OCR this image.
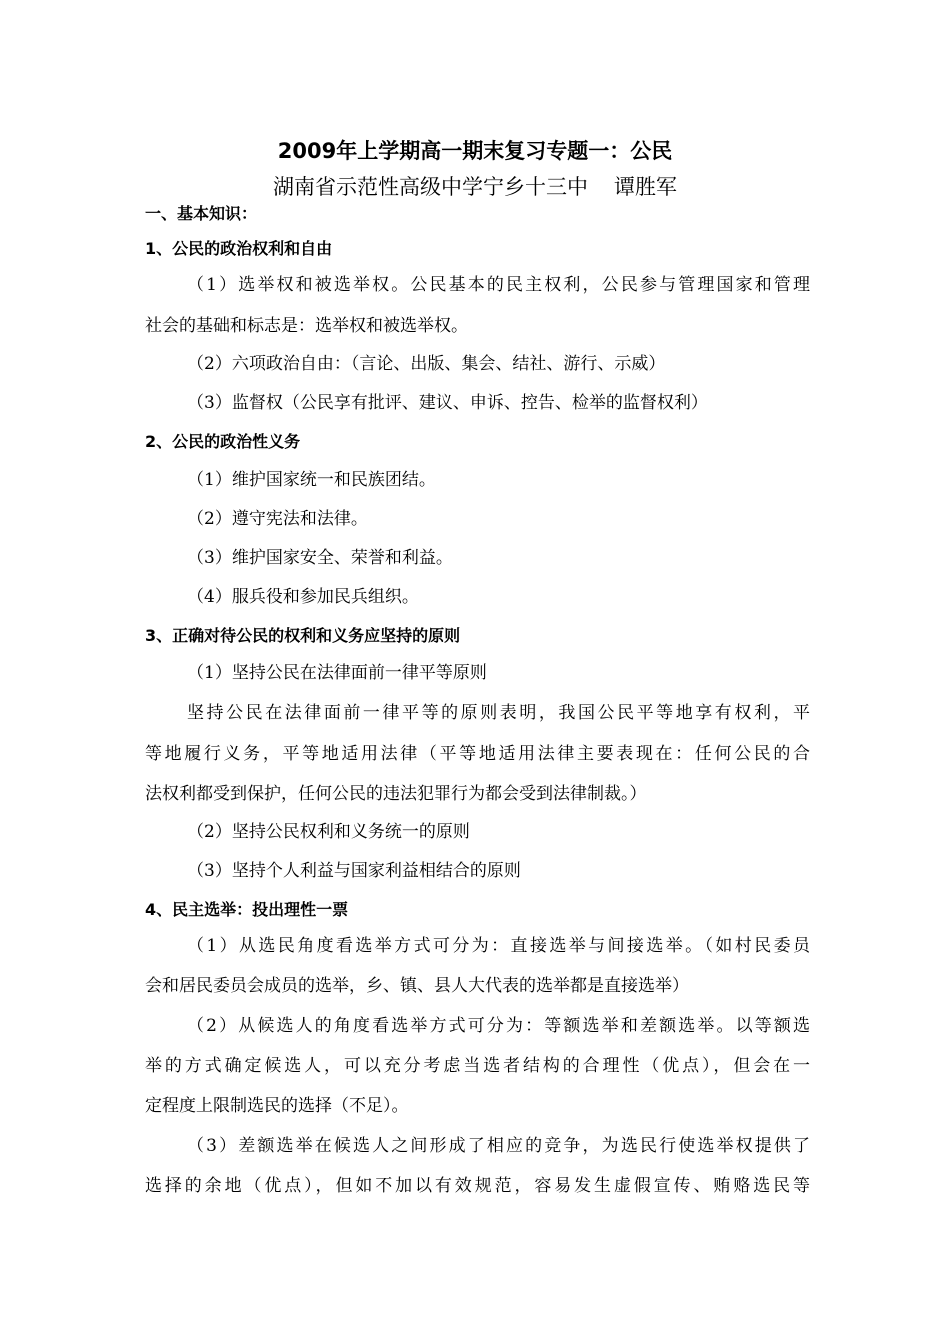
2009年上学期高一期末复习专题一：公民
湖南省示范性高级中学宁乡十三中 谭胜军
一、基本知识：
1、公民的政治权利和自由
（1）选举权和被选举权。公民基本的民主权利，公民参与管理国家和管理
社会的基础和标志是：选举权和被选举权。
（2）六项政治自由：（言论、出版、集会、结社、游行、示威）
（3）监督权（公民享有批评、建议、申诉、控告、检举的监督权利）
2、公民的政治性义务
（1）维护国家统一和民族团结。
（2）遵守宪法和法律。
（3）维护国家安全、荣誉和利益。
（4）服兵役和参加民兵组织。
3、正确对待公民的权利和义务应坚持的原则
（1）坚持公民在法律面前一律平等原则
坚持公民在法律面前一律平等的原则表明，我国公民平等地享有权利，平
等地履行义务，平等地适用法律（平等地适用法律主要表现在：任何公民的合
法权利都受到保护，任何公民的违法犯罪行为都会受到法律制裁。）
（2）坚持公民权利和义务统一的原则
（3）坚持个人利益与国家利益相结合的原则
4、民主选举：投出理性一票
（1）从选民角度看选举方式可分为：直接选举与间接选举。（如村民委员
会和居民委员会成员的选举，乡、镇、县人大代表的选举都是直接选举）
（2）从候选人的角度看选举方式可分为：等额选举和差额选举。以等额选
举的方式确定候选人，可以充分考虑当选者结构的合理性（优点），但会在一
定程度上限制选民的选择（不足）。
（3）差额选举在候选人之间形成了相应的竞争，为选民行使选举权提供了
选择的余地（优点），但如不加以有效规范，容易发生虚假宣传、贿赂选民等
